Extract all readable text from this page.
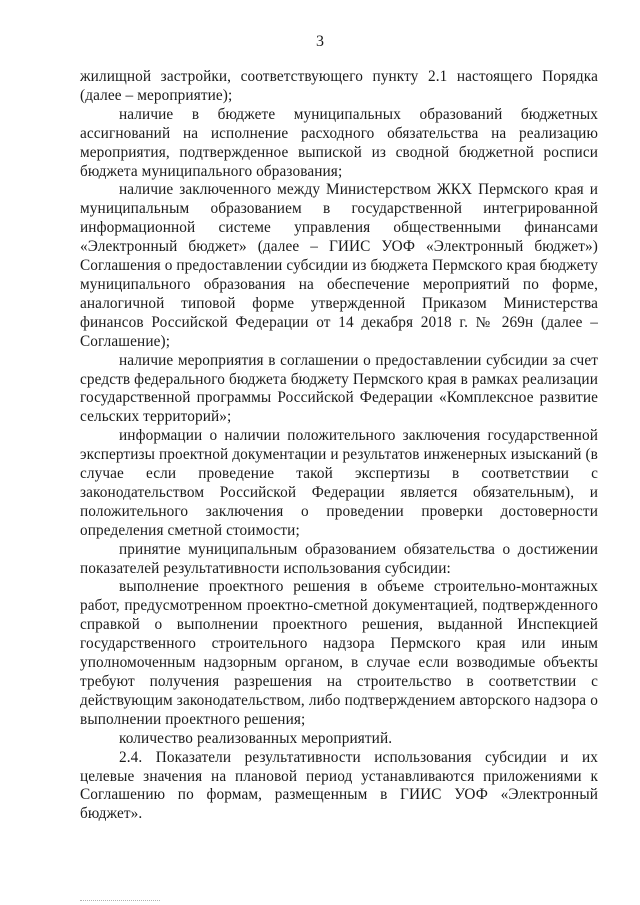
3

жилищной застройки, соответствующего пункту 2.1 настоящего Порядка (далее – мероприятие);

наличие в бюджете муниципальных образований бюджетных ассигнований на исполнение расходного обязательства на реализацию мероприятия, подтвержденное выпиской из сводной бюджетной росписи бюджета муниципального образования;

наличие заключенного между Министерством ЖКХ Пермского края и муниципальным образованием в государственной интегрированной информационной системе управления общественными финансами «Электронный бюджет» (далее – ГИИС УОФ «Электронный бюджет») Соглашения о предоставлении субсидии из бюджета Пермского края бюджету муниципального образования на обеспечение мероприятий по форме, аналогичной типовой форме утвержденной Приказом Министерства финансов Российской Федерации от 14 декабря 2018 г. № 269н (далее – Соглашение);

наличие мероприятия в соглашении о предоставлении субсидии за счет средств федерального бюджета бюджету Пермского края в рамках реализации государственной программы Российской Федерации «Комплексное развитие сельских территорий»;

информации о наличии положительного заключения государственной экспертизы проектной документации и результатов инженерных изысканий (в случае если проведение такой экспертизы в соответствии с законодательством Российской Федерации является обязательным), и положительного заключения о проведении проверки достоверности определения сметной стоимости;

принятие муниципальным образованием обязательства о достижении показателей результативности использования субсидии:

выполнение проектного решения в объеме строительно-монтажных работ, предусмотренном проектно-сметной документацией, подтвержденного справкой о выполнении проектного решения, выданной Инспекцией государственного строительного надзора Пермского края или иным уполномоченным надзорным органом, в случае если возводимые объекты требуют получения разрешения на строительство в соответствии с действующим законодательством, либо подтверждением авторского надзора о выполнении проектного решения;

количество реализованных мероприятий.

2.4. Показатели результативности использования субсидии и их целевые значения на плановой период устанавливаются приложениями к Соглашению по формам, размещенным в ГИИС УОФ «Электронный бюджет».
